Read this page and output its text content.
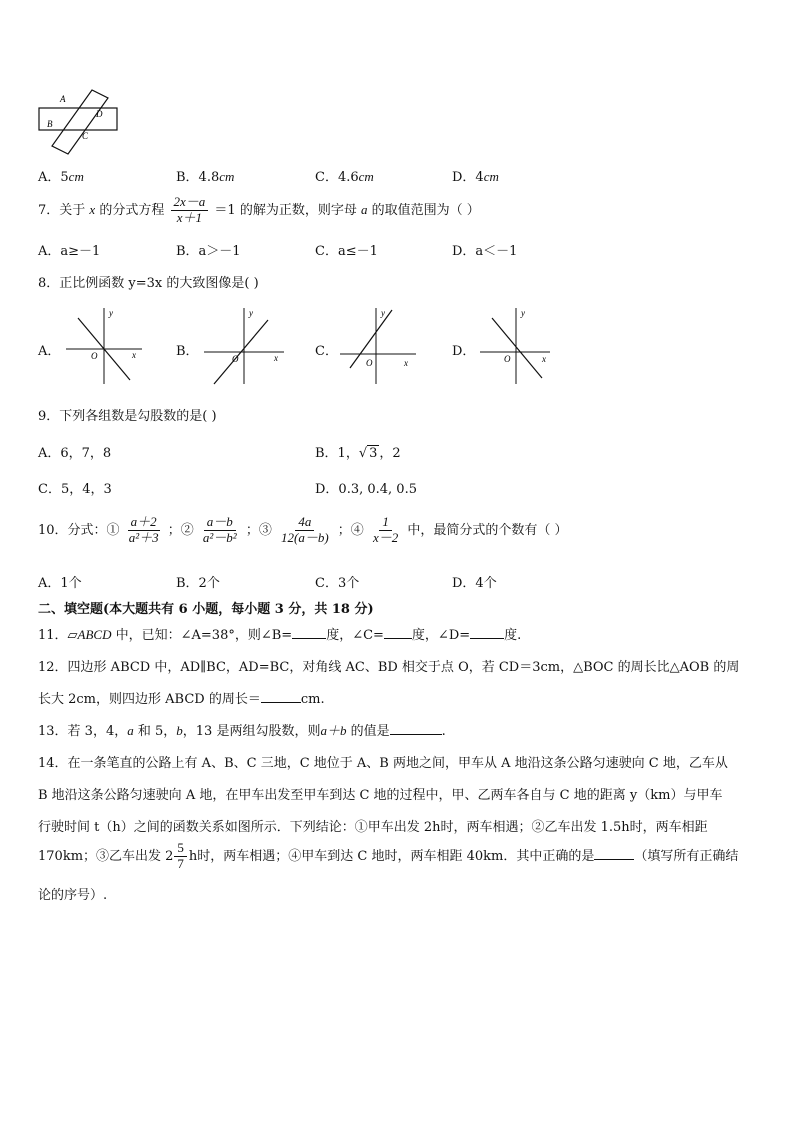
A
B
D
C
A．5cm	B．4.8cm	C．4.6cm	D．4cm
7．关于 x 的分式方程 $\frac{2x-a}{x+1} =1$ 的解为正数，则字母 a 的取值范围为（ ）
A．a≥－1	B．a＞－1	C．a≤－1	D．a＜－1
8．正比例函数 y=3x 的大致图像是( )
A．
y
x
O	B．
y
x
O	C．
y
x
O
D．
y
x
O
9．下列各组数是勾股数的是( )
A．6，7，8	B．1，√ 3 ，2
C．5，4，3	D．0.3, 0.4, 0.5
10．分式：① $\frac{a+2}{\text{a²＋3}}$ ；② $\frac{a-b}{\text{a²－b²}}$ ；③ $\frac{4a}{12(a-b)}$ ；④ $\frac{1}{x-2}$ 中，最简分式的个数有（ ）
A．1个	B．2个	C．3个	D．4个
二、填空题(本大题共有 6 小题，每小题 3 分，共 18 分)
11．▱ABCD 中，已知：∠A=38°，则∠B=	度，∠C= 度，∠D=	度.
12．四边形 ABCD 中，AD∥BC，AD=BC，对角线 AC、BD 相交于点 O，若 CD＝3cm，△BOC 的周长比△AOB 的周
长大 2cm，则四边形 ABCD 的周长＝	cm.
13．若 3，4，a 和 5，b，13 是两组勾股数，则a＋b 的值是	.
14．在一条笔直的公路上有 A、B、C 三地，C 地位于 A、B 两地之间，甲车从 A 地沿这条公路匀速驶向 C 地，乙车从
B 地沿这条公路匀速驶向 A 地，在甲车出发至甲车到达 C 地的过程中，甲、乙两车各自与 C 地的距离 y（km）与甲车
行驶时间 t（h）之间的函数关系如图所示．下列结论：①甲车出发 2h时，两车相遇；②乙车出发 1.5h时，两车相距
170km；③乙车出发 $2 \frac{5}{7}$ h时，两车相遇；④甲车到达 C 地时，两车相距 40km．其中正确的是	（填写所有正确结
论的序号）.
